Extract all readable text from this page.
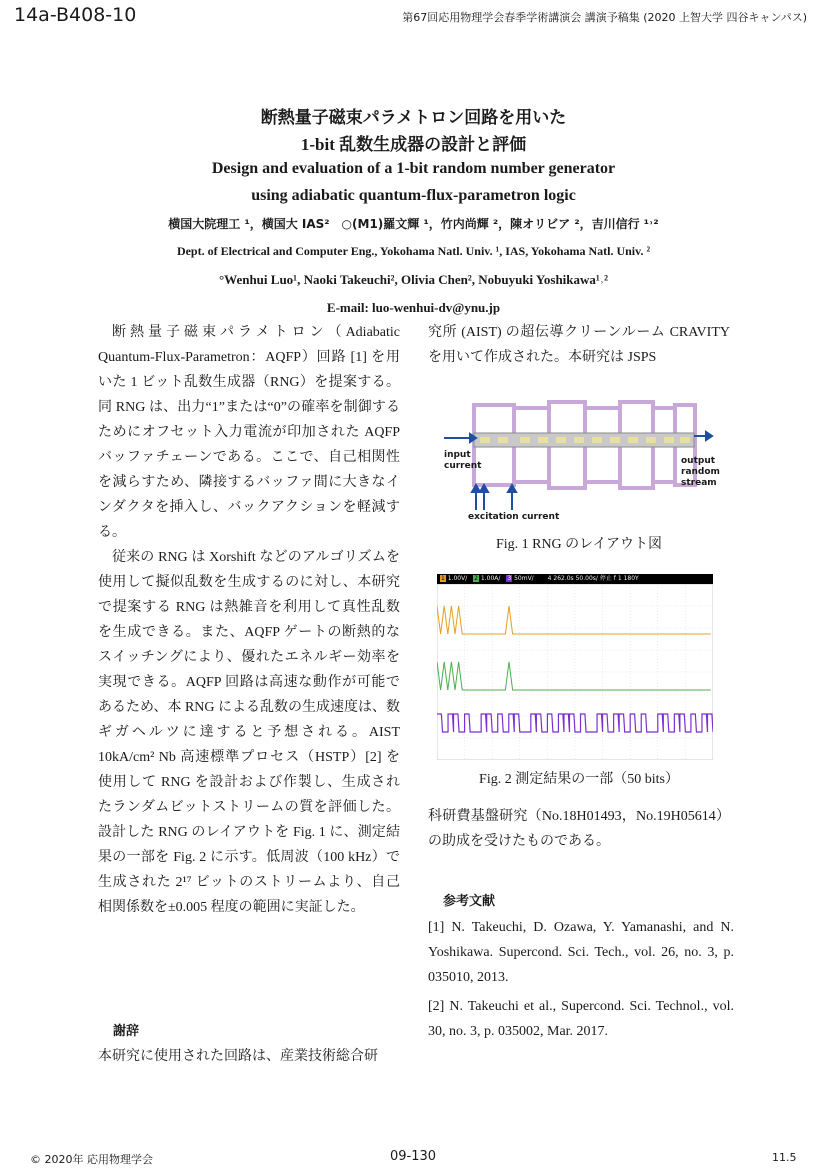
14a-B408-10	第67回応用物理学会春季学術講演会 講演予稿集 (2020 上智大学 四谷キャンパス)
断熱量子磁束パラメトロン回路を用いた
1-bit 乱数生成器の設計と評価
Design and evaluation of a 1-bit random number generator
using adiabatic quantum-flux-parametron logic
横国大院理工 ¹，横国大 IAS²　○(M1)羅文輝 ¹，竹内尚輝 ²，陳オリビア ²，吉川信行 ¹˒²
Dept. of Electrical and Computer Eng., Yokohama Natl. Univ. ¹, IAS, Yokohama Natl. Univ. ²
°Wenhui Luo¹, Naoki Takeuchi², Olivia Chen², Nobuyuki Yoshikawa¹˒²
E-mail: luo-wenhui-dv@ynu.jp

断熱量子磁束パラメトロン（Adiabatic Quantum-Flux-Parametron：AQFP）回路 [1] を用いた 1 ビット乱数生成器（RNG）を提案する。同 RNG は、出力“1”または“0”の確率を制御するためにオフセット入力電流が印加された AQFP バッファチェーンである。ここで、自己相関性を減らすため、隣接するバッファ間に大きなインダクタを挿入し、バックアクションを軽減する。

従来の RNG は Xorshift などのアルゴリズムを使用して擬似乱数を生成するのに対し、本研究で提案する RNG は熱雑音を利用して真性乱数を生成できる。また、AQFP ゲートの断熱的なスイッチングにより、優れたエネルギー効率を実現できる。AQFP 回路は高速な動作が可能であるため、本 RNG による乱数の生成速度は、数ギガヘルツに達すると予想される。AIST 10kA/cm² Nb 高速標準プロセス（HSTP）[2] を使用して RNG を設計および作製し、生成されたランダムビットストリームの質を評価した。設計した RNG のレイアウトを Fig. 1 に、測定結果の一部を Fig. 2 に示す。低周波（100 kHz）で生成された 2¹⁷ ビットのストリームより、自己相関係数を±0.005 程度の範囲に実証した。

謝辞
本研究に使用された回路は、産業技術総合研

究所 (AIST) の超伝導クリーンルーム CRAVITY を用いて作成された。本研究は JSPS

input current	output random stream
excitation current
Fig. 1 RNG のレイアウト図
1 1.00V/ 2 1.00A/ 3 50mV/ 4 262.0s 50.00s/ 停止 f 1 180Y
Fig. 2 測定結果の一部（50 bits）

科研費基盤研究（No.18H01493，No.19H05614）の助成を受けたものである。

参考文献

[1] N. Takeuchi, D. Ozawa, Y. Yamanashi, and N. Yoshikawa. Supercond. Sci. Tech., vol. 26, no. 3, p. 035010, 2013.

[2] N. Takeuchi et al., Supercond. Sci. Technol., vol. 30, no. 3, p. 035002, Mar. 2017.

© 2020年 応用物理学会	09-130	11.5
